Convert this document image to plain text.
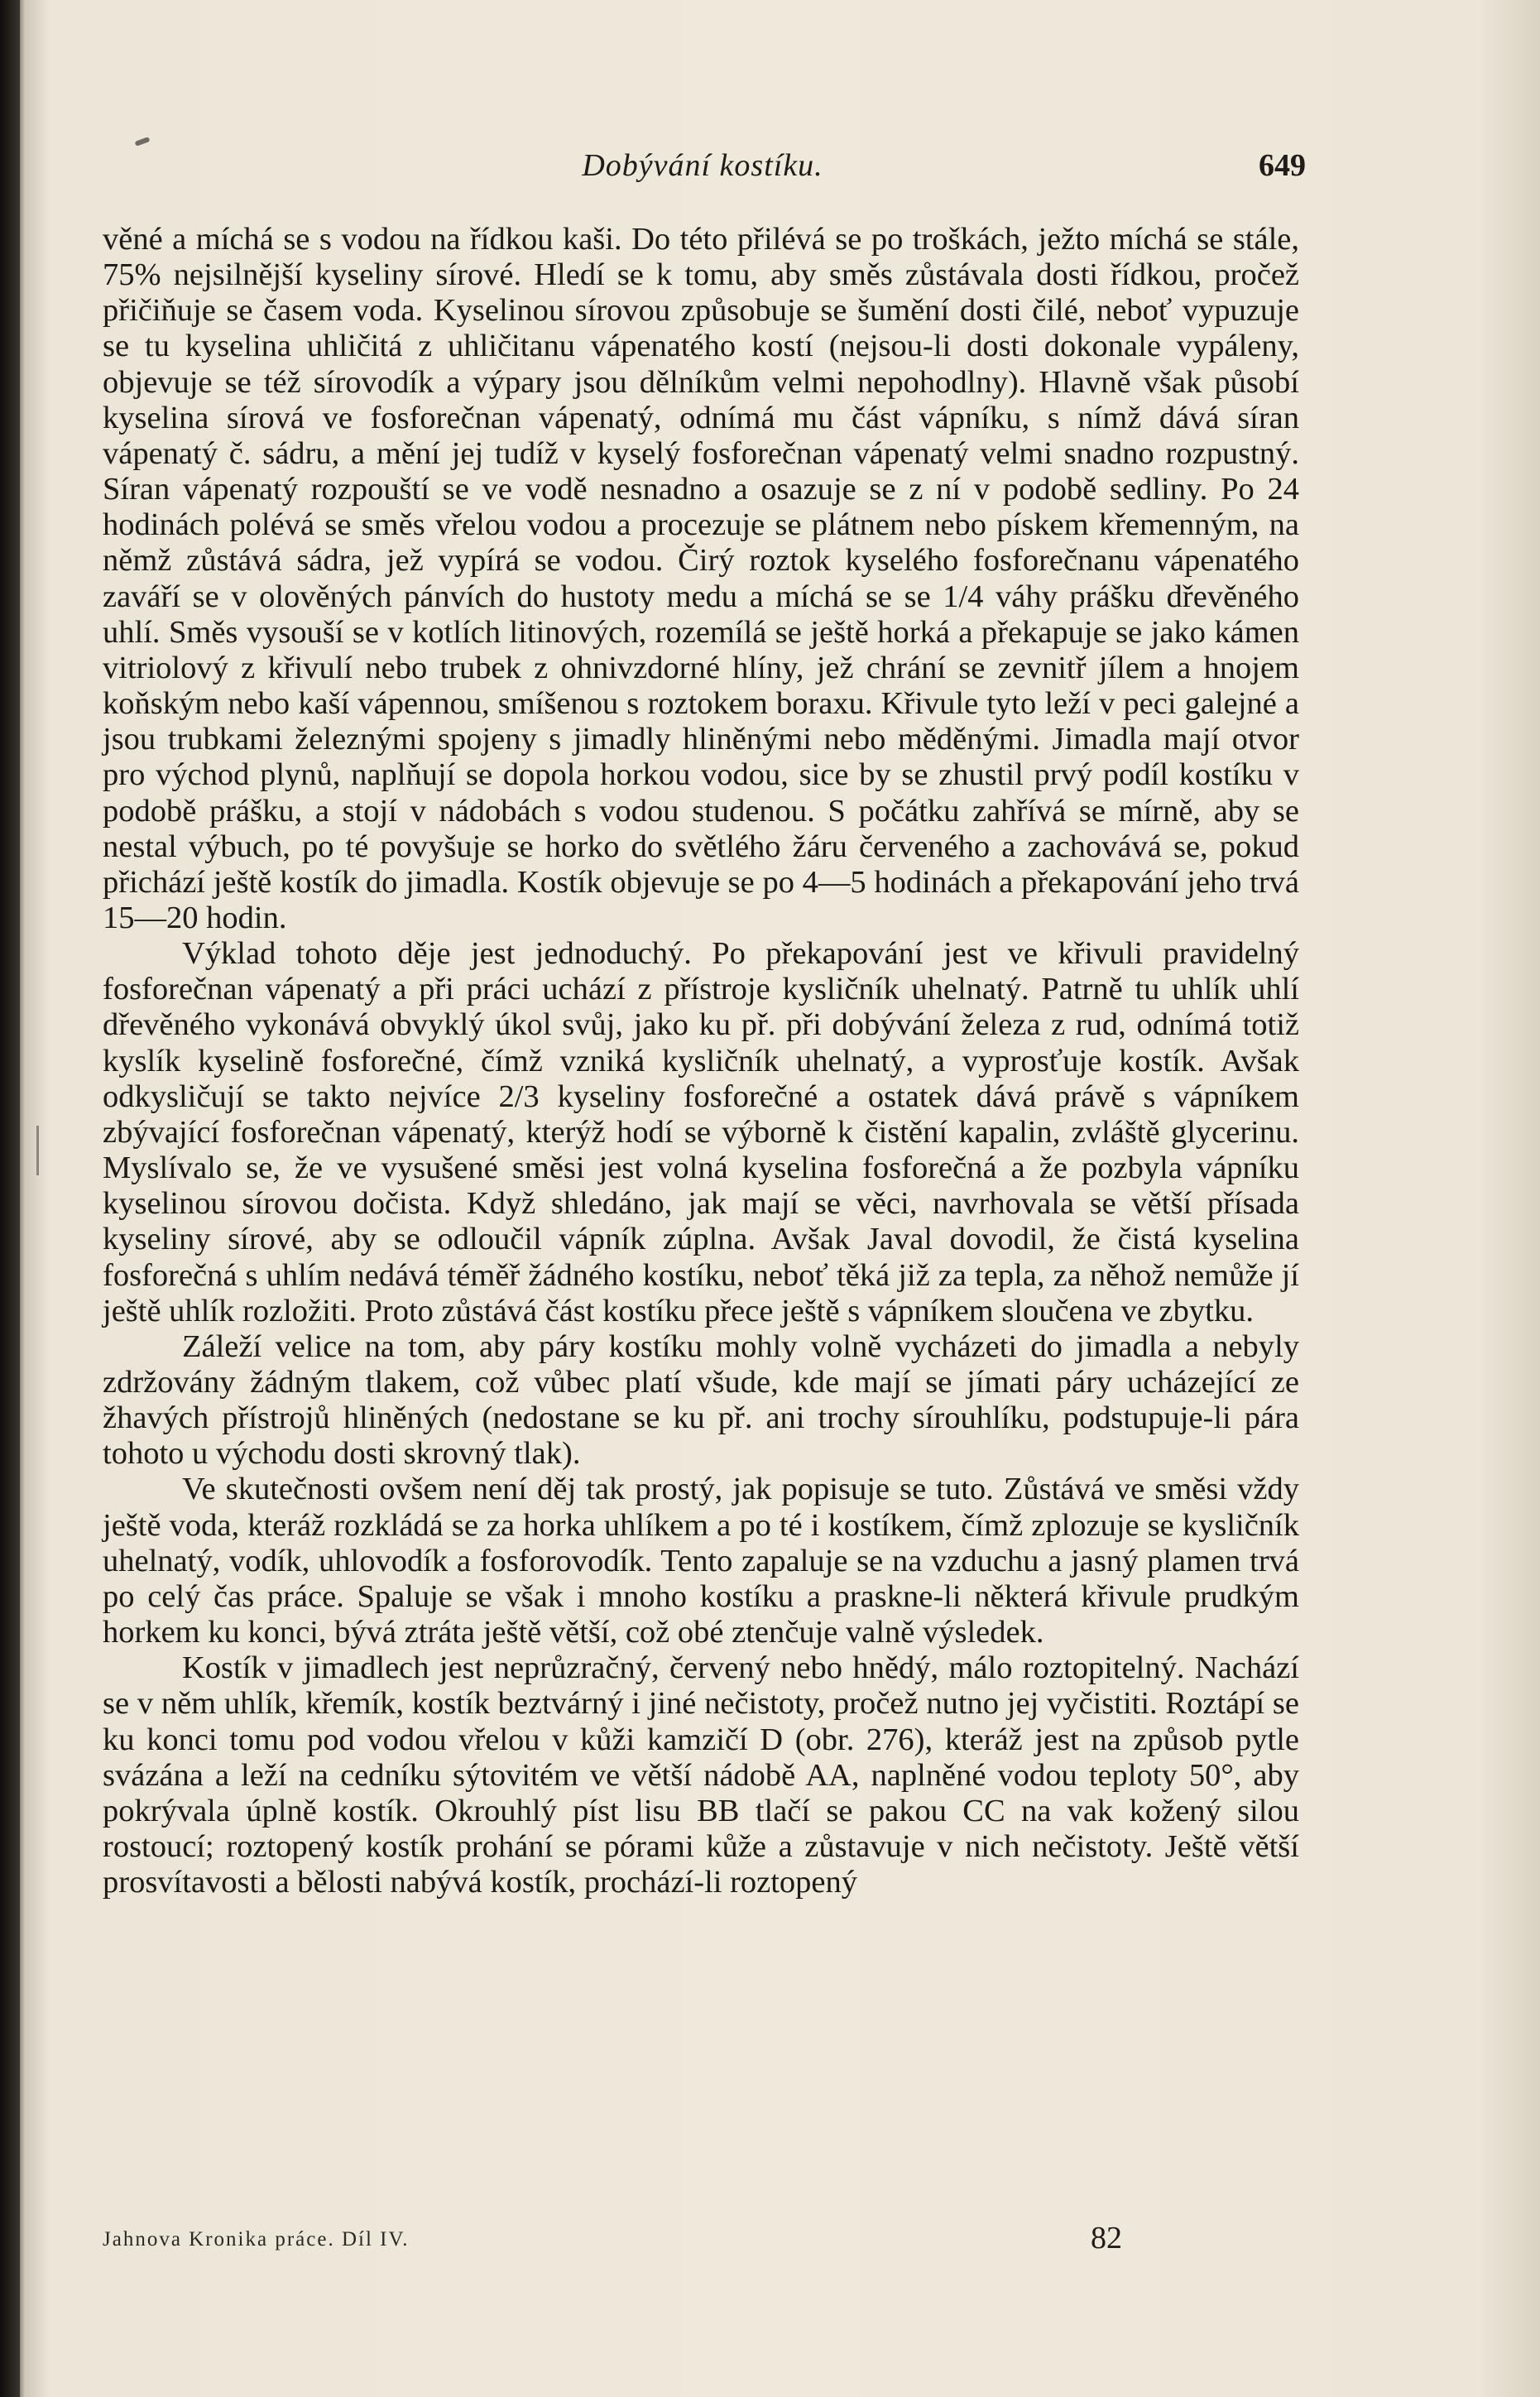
Dobývání kostíku.	649

věné a míchá se s vodou na řídkou kaši. Do této přilévá se po troškách, ježto míchá se stále, 75% nejsilnější kyseliny sírové. Hledí se k tomu, aby směs zůstávala dosti řídkou, pročež přičiňuje se časem voda. Kyselinou sírovou způsobuje se šumění dosti čilé, neboť vypuzuje se tu kyselina uhličitá z uhličitanu vápenatého kostí (nejsou-li dosti dokonale vypáleny, objevuje se též sírovodík a výpary jsou dělníkům velmi nepohodlny). Hlavně však působí kyselina sírová ve fosforečnan vápenatý, odnímá mu část vápníku, s nímž dává síran vápenatý č. sádru, a mění jej tudíž v kyselý fosforečnan vápenatý velmi snadno rozpustný. Síran vápenatý rozpouští se ve vodě nesnadno a osazuje se z ní v podobě sedliny. Po 24 hodinách polévá se směs vřelou vodou a procezuje se plátnem nebo pískem křemenným, na němž zůstává sádra, jež vypírá se vodou. Čirý roztok kyselého fosforečnanu vápenatého zaváří se v olověných pánvích do hustoty medu a míchá se se 1/4 váhy prášku dřevěného uhlí. Směs vysouší se v kotlích litinových, rozemílá se ještě horká a překapuje se jako kámen vitriolový z křivulí nebo trubek z ohnivzdorné hlíny, jež chrání se zevnitř jílem a hnojem koňským nebo kaší vápennou, smíšenou s roztokem boraxu. Křivule tyto leží v peci galejné a jsou trubkami železnými spojeny s jimadly hliněnými nebo měděnými. Jimadla mají otvor pro východ plynů, naplňují se dopola horkou vodou, sice by se zhustil prvý podíl kostíku v podobě prášku, a stojí v nádobách s vodou studenou. S počátku zahřívá se mírně, aby se nestal výbuch, po té povyšuje se horko do světlého žáru červeného a zachovává se, pokud přichází ještě kostík do jimadla. Kostík objevuje se po 4—5 hodinách a překapování jeho trvá 15—20 hodin.

Výklad tohoto děje jest jednoduchý. Po překapování jest ve křivuli pravidelný fosforečnan vápenatý a při práci uchází z přístroje kysličník uhelnatý. Patrně tu uhlík uhlí dřevěného vykonává obvyklý úkol svůj, jako ku př. při dobývání železa z rud, odnímá totiž kyslík kyselině fosforečné, čímž vzniká kysličník uhelnatý, a vyprosťuje kostík. Avšak odkysličují se takto nejvíce 2/3 kyseliny fosforečné a ostatek dává právě s vápníkem zbývající fosforečnan vápenatý, kterýž hodí se výborně k čistění kapalin, zvláště glycerinu. Myslívalo se, že ve vysušené směsi jest volná kyselina fosforečná a že pozbyla vápníku kyselinou sírovou dočista. Když shledáno, jak mají se věci, navrhovala se větší přísada kyseliny sírové, aby se odloučil vápník zúplna. Avšak Javal dovodil, že čistá kyselina fosforečná s uhlím nedává téměř žádného kostíku, neboť těká již za tepla, za něhož nemůže jí ještě uhlík rozložiti. Proto zůstává část kostíku přece ještě s vápníkem sloučena ve zbytku.

Záleží velice na tom, aby páry kostíku mohly volně vycházeti do jimadla a nebyly zdržovány žádným tlakem, což vůbec platí všude, kde mají se jímati páry ucházející ze žhavých přístrojů hliněných (nedostane se ku př. ani trochy sírouhlíku, podstupuje-li pára tohoto u východu dosti skrovný tlak).

Ve skutečnosti ovšem není děj tak prostý, jak popisuje se tuto. Zůstává ve směsi vždy ještě voda, kteráž rozkládá se za horka uhlíkem a po té i kostíkem, čímž zplozuje se kysličník uhelnatý, vodík, uhlovodík a fosforovodík. Tento zapaluje se na vzduchu a jasný plamen trvá po celý čas práce. Spaluje se však i mnoho kostíku a praskne-li některá křivule prudkým horkem ku konci, bývá ztráta ještě větší, což obé ztenčuje valně výsledek.

Kostík v jimadlech jest neprůzračný, červený nebo hnědý, málo roztopitelný. Nachází se v něm uhlík, křemík, kostík beztvárný i jiné nečistoty, pročež nutno jej vyčistiti. Roztápí se ku konci tomu pod vodou vřelou v kůži kamzičí D (obr. 276), kteráž jest na způsob pytle svázána a leží na cedníku sýtovitém ve větší nádobě AA, naplněné vodou teploty 50°, aby pokrývala úplně kostík. Okrouhlý píst lisu BB tlačí se pakou CC na vak kožený silou rostoucí; roztopený kostík prohání se pórami kůže a zůstavuje v nich nečistoty. Ještě větší prosvítavosti a bělosti nabývá kostík, prochází-li roztopený

Jahnova Kronika práce. Díl IV.	82
